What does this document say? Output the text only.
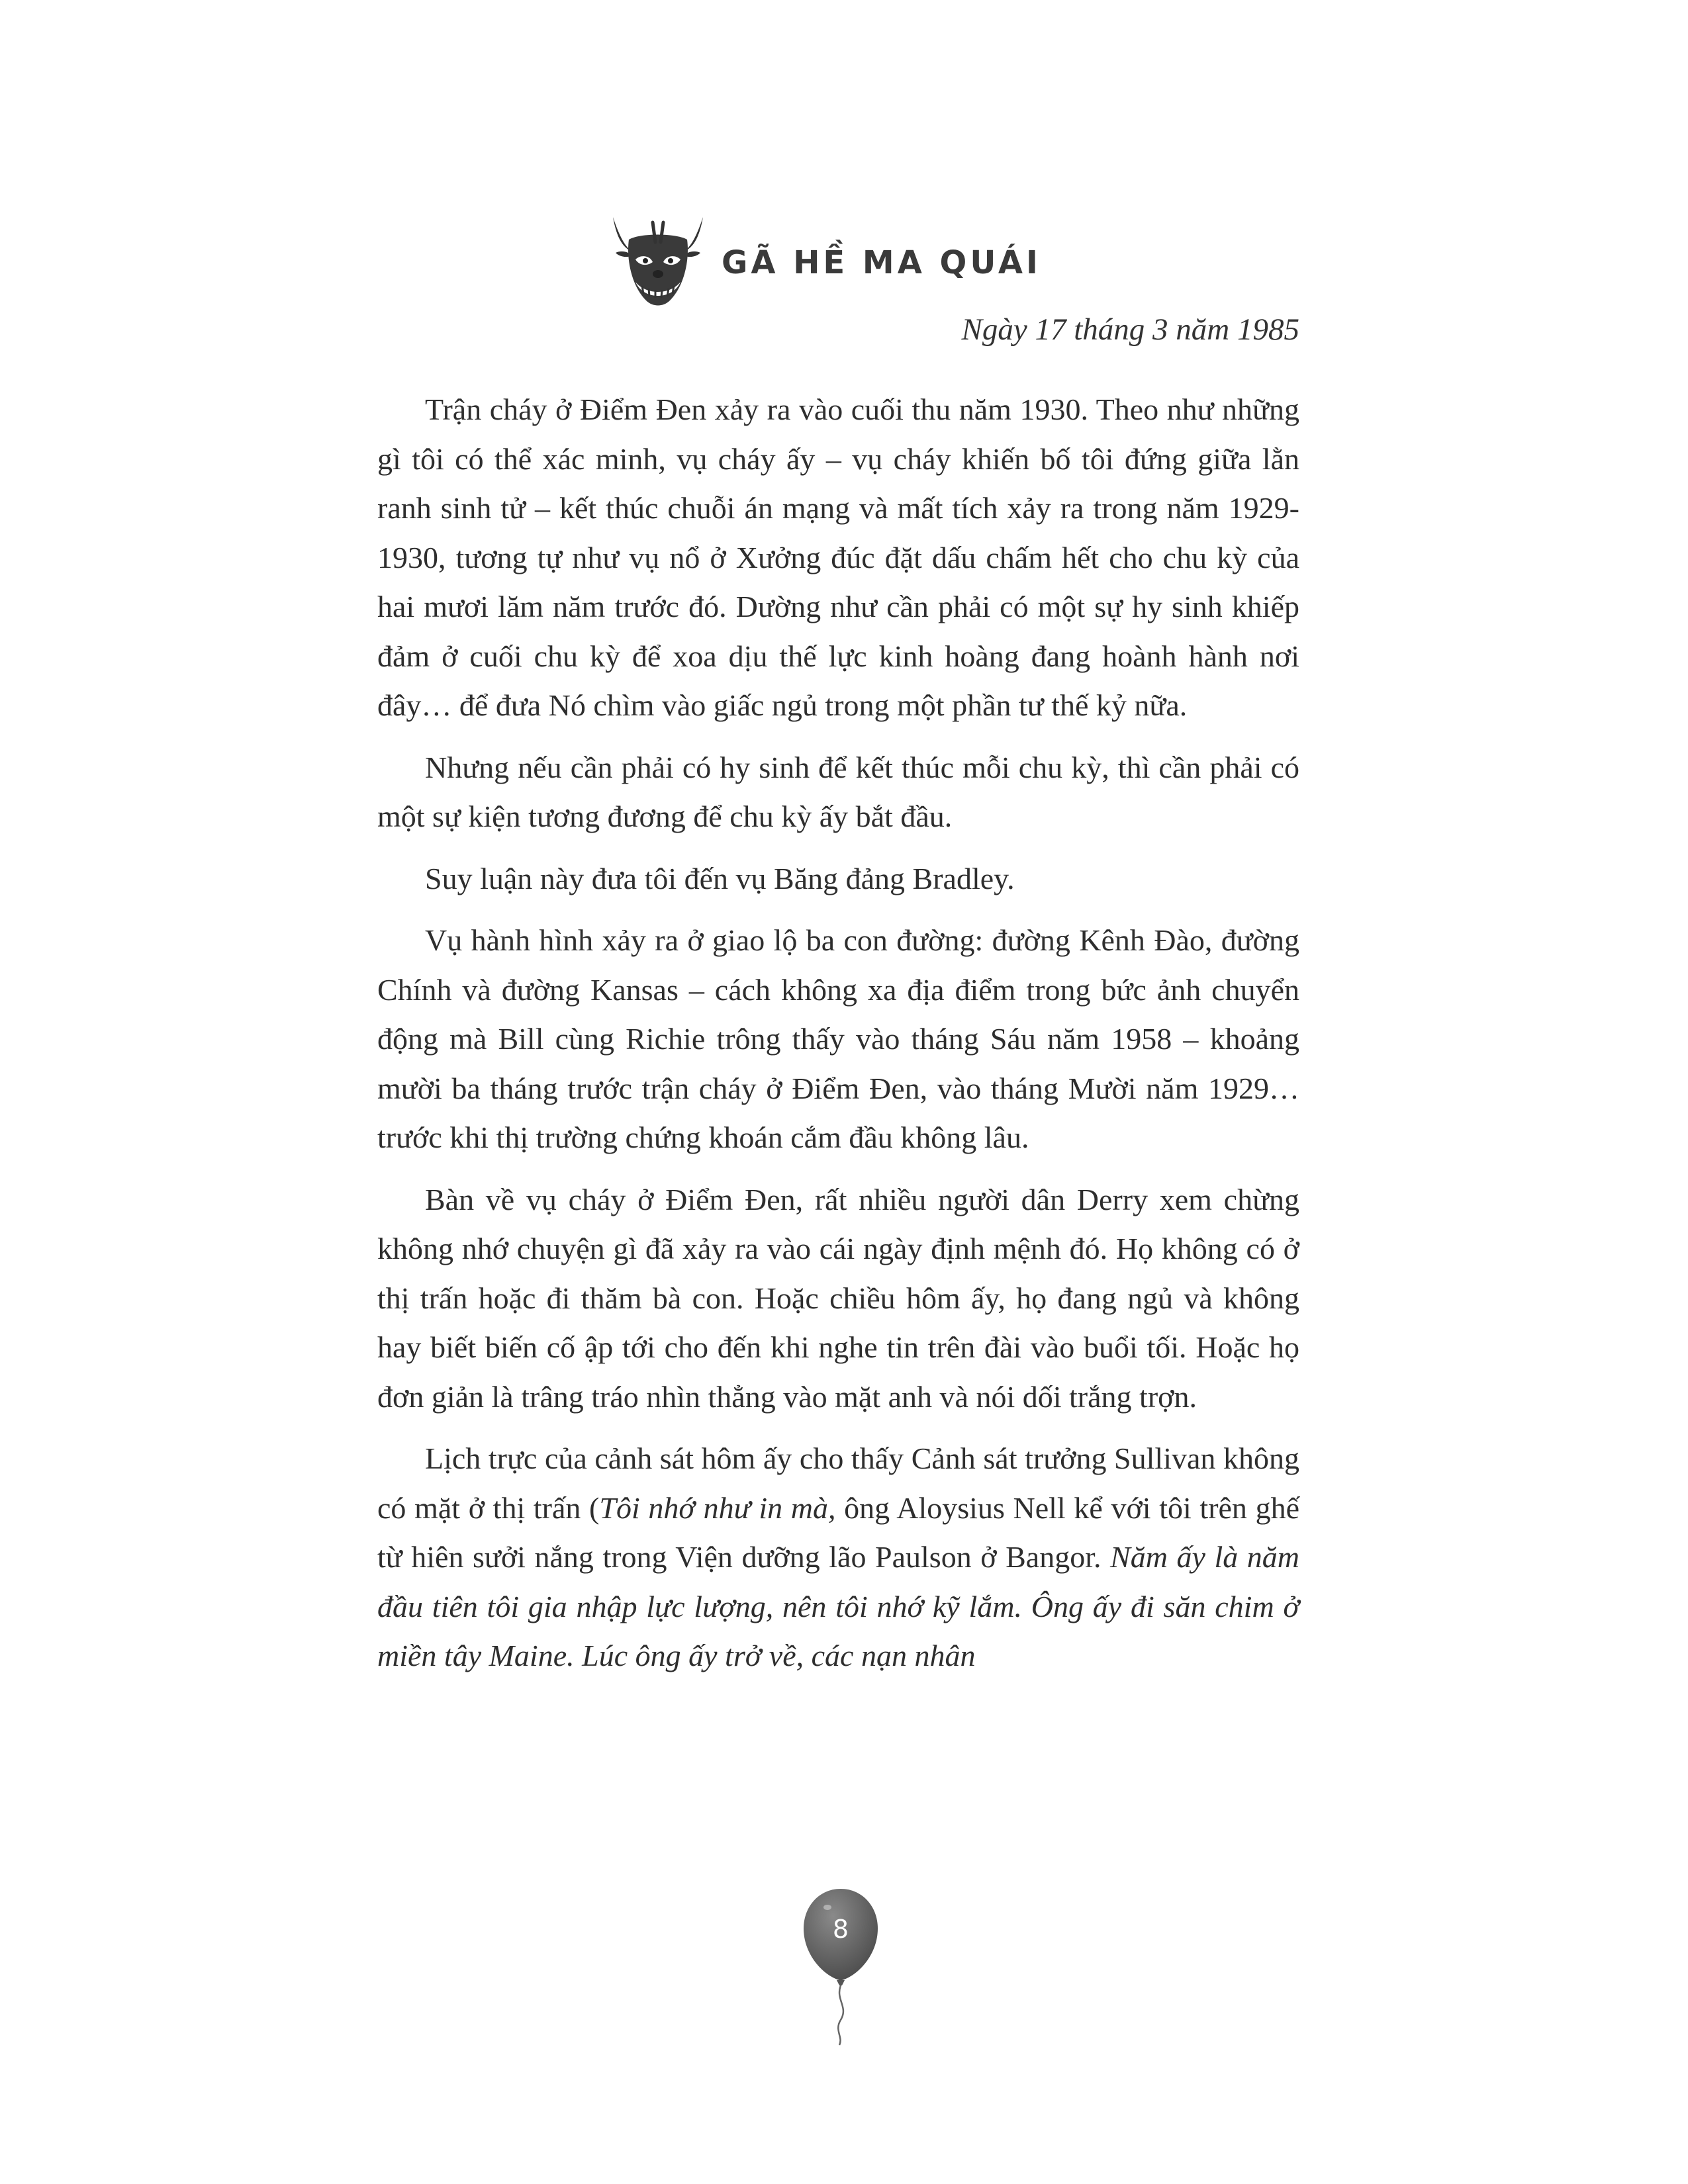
GÃ HỀ MA QUÁI
Ngày 17 tháng 3 năm 1985

Trận cháy ở Điểm Đen xảy ra vào cuối thu năm 1930. Theo như những gì tôi có thể xác minh, vụ cháy ấy – vụ cháy khiến bố tôi đứng giữa lằn ranh sinh tử – kết thúc chuỗi án mạng và mất tích xảy ra trong năm 1929-1930, tương tự như vụ nổ ở Xưởng đúc đặt dấu chấm hết cho chu kỳ của hai mươi lăm năm trước đó. Dường như cần phải có một sự hy sinh khiếp đảm ở cuối chu kỳ để xoa dịu thế lực kinh hoàng đang hoành hành nơi đây… để đưa Nó chìm vào giấc ngủ trong một phần tư thế kỷ nữa.

Nhưng nếu cần phải có hy sinh để kết thúc mỗi chu kỳ, thì cần phải có một sự kiện tương đương để chu kỳ ấy bắt đầu.

Suy luận này đưa tôi đến vụ Băng đảng Bradley.

Vụ hành hình xảy ra ở giao lộ ba con đường: đường Kênh Đào, đường Chính và đường Kansas – cách không xa địa điểm trong bức ảnh chuyển động mà Bill cùng Richie trông thấy vào tháng Sáu năm 1958 – khoảng mười ba tháng trước trận cháy ở Điểm Đen, vào tháng Mười năm 1929… trước khi thị trường chứng khoán cắm đầu không lâu.

Bàn về vụ cháy ở Điểm Đen, rất nhiều người dân Derry xem chừng không nhớ chuyện gì đã xảy ra vào cái ngày định mệnh đó. Họ không có ở thị trấn hoặc đi thăm bà con. Hoặc chiều hôm ấy, họ đang ngủ và không hay biết biến cố ập tới cho đến khi nghe tin trên đài vào buổi tối. Hoặc họ đơn giản là trâng tráo nhìn thẳng vào mặt anh và nói dối trắng trợn.

Lịch trực của cảnh sát hôm ấy cho thấy Cảnh sát trưởng Sullivan không có mặt ở thị trấn (Tôi nhớ như in mà, ông Aloysius Nell kể với tôi trên ghế từ hiên sưởi nắng trong Viện dưỡng lão Paulson ở Bangor. Năm ấy là năm đầu tiên tôi gia nhập lực lượng, nên tôi nhớ kỹ lắm. Ông ấy đi săn chim ở miền tây Maine. Lúc ông ấy trở về, các nạn nhân

8
